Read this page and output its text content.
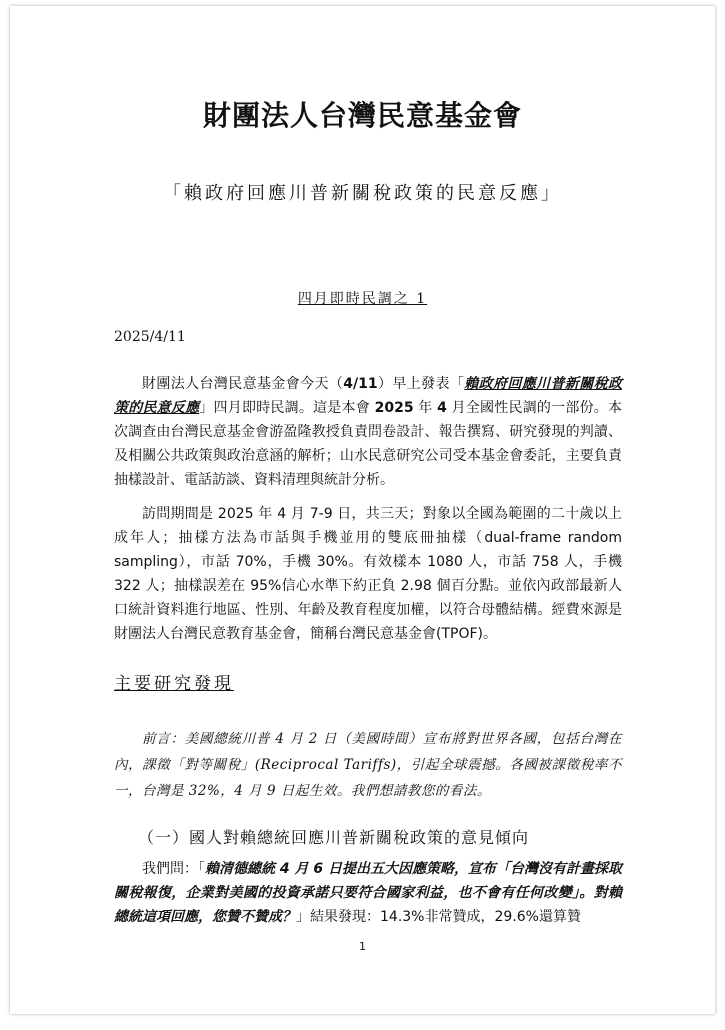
財團法人台灣民意基金會
「賴政府回應川普新關稅政策的民意反應」
四月即時民調之 1
2025/4/11
財團法人台灣民意基金會今天（4/11）早上發表「賴政府回應川普新關稅政策的民意反應」四月即時民調。這是本會 2025 年 4 月全國性民調的一部份。本次調查由台灣民意基金會游盈隆教授負責問卷設計、報告撰寫、研究發現的判讀、及相關公共政策與政治意涵的解析；山水民意研究公司受本基金會委託，主要負責抽樣設計、電話訪談、資料清理與統計分析。
訪問期間是 2025 年 4 月 7-9 日，共三天；對象以全國為範圍的二十歲以上成年人；抽樣方法為市話與手機並用的雙底冊抽樣（dual-frame random sampling），市話 70%，手機 30%。有效樣本 1080 人，市話 758 人，手機 322 人；抽樣誤差在 95%信心水準下約正負 2.98 個百分點。並依內政部最新人口統計資料進行地區、性別、年齡及教育程度加權，以符合母體結構。經費來源是財團法人台灣民意教育基金會，簡稱台灣民意基金會(TPOF)。
主要研究發現
前言：美國總統川普 4 月 2 日（美國時間）宣布將對世界各國，包括台灣在內，課徵「對等關稅」(Reciprocal Tariffs)，引起全球震撼。各國被課徵稅率不一，台灣是 32%，4 月 9 日起生效。我們想請教您的看法。
（一）國人對賴總統回應川普新關稅政策的意見傾向
我們問：「賴清德總統 4 月 6 日提出五大因應策略，宣布「台灣沒有計畫採取關稅報復，企業對美國的投資承諾只要符合國家利益，也不會有任何改變」。對賴總統這項回應，您贊不贊成？」結果發現：14.3%非常贊成，29.6%還算贊
1
